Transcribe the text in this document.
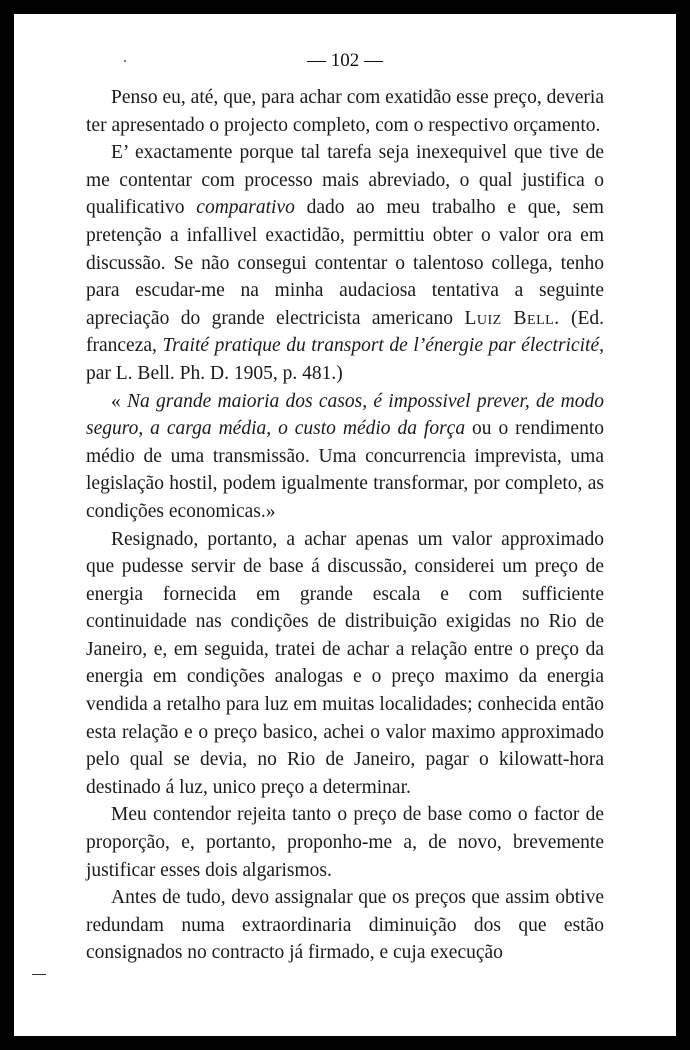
— 102 —

Penso eu, até, que, para achar com exatidão esse preço, deveria ter apresentado o projecto completo, com o respectivo orçamento.

E’ exactamente porque tal tarefa seja inexequivel que tive de me contentar com processo mais abreviado, o qual justifica o qualificativo comparativo dado ao meu trabalho e que, sem pretenção a infallivel exactidão, permittiu obter o valor ora em discussão. Se não consegui contentar o talentoso collega, tenho para escudar-me na minha audaciosa tentativa a seguinte apreciação do grande electricista americano Luiz Bell. (Ed. franceza, Traité pratique du transport de l’énergie par électricité, par L. Bell. Ph. D. 1905, p. 481.)

« Na grande maioria dos casos, é impossivel prever, de modo seguro, a carga média, o custo médio da força ou o rendimento médio de uma transmissão. Uma concurrencia imprevista, uma legislação hostil, podem igualmente transformar, por completo, as condições economicas.»

Resignado, portanto, a achar apenas um valor approximado que pudesse servir de base á discussão, considerei um preço de energia fornecida em grande escala e com sufficiente continuidade nas condições de distribuição exigidas no Rio de Janeiro, e, em seguida, tratei de achar a relação entre o preço da energia em condições analogas e o preço maximo da energia vendida a retalho para luz em muitas localidades; conhecida então esta relação e o preço basico, achei o valor maximo approximado pelo qual se devia, no Rio de Janeiro, pagar o kilowatt-hora destinado á luz, unico preço a determinar.

Meu contendor rejeita tanto o preço de base como o factor de proporção, e, portanto, proponho-me a, de novo, brevemente justificar esses dois algarismos.

Antes de tudo, devo assignalar que os preços que assim obtive redundam numa extraordinaria diminuição dos que estão consignados no contracto já firmado, e cuja execução
